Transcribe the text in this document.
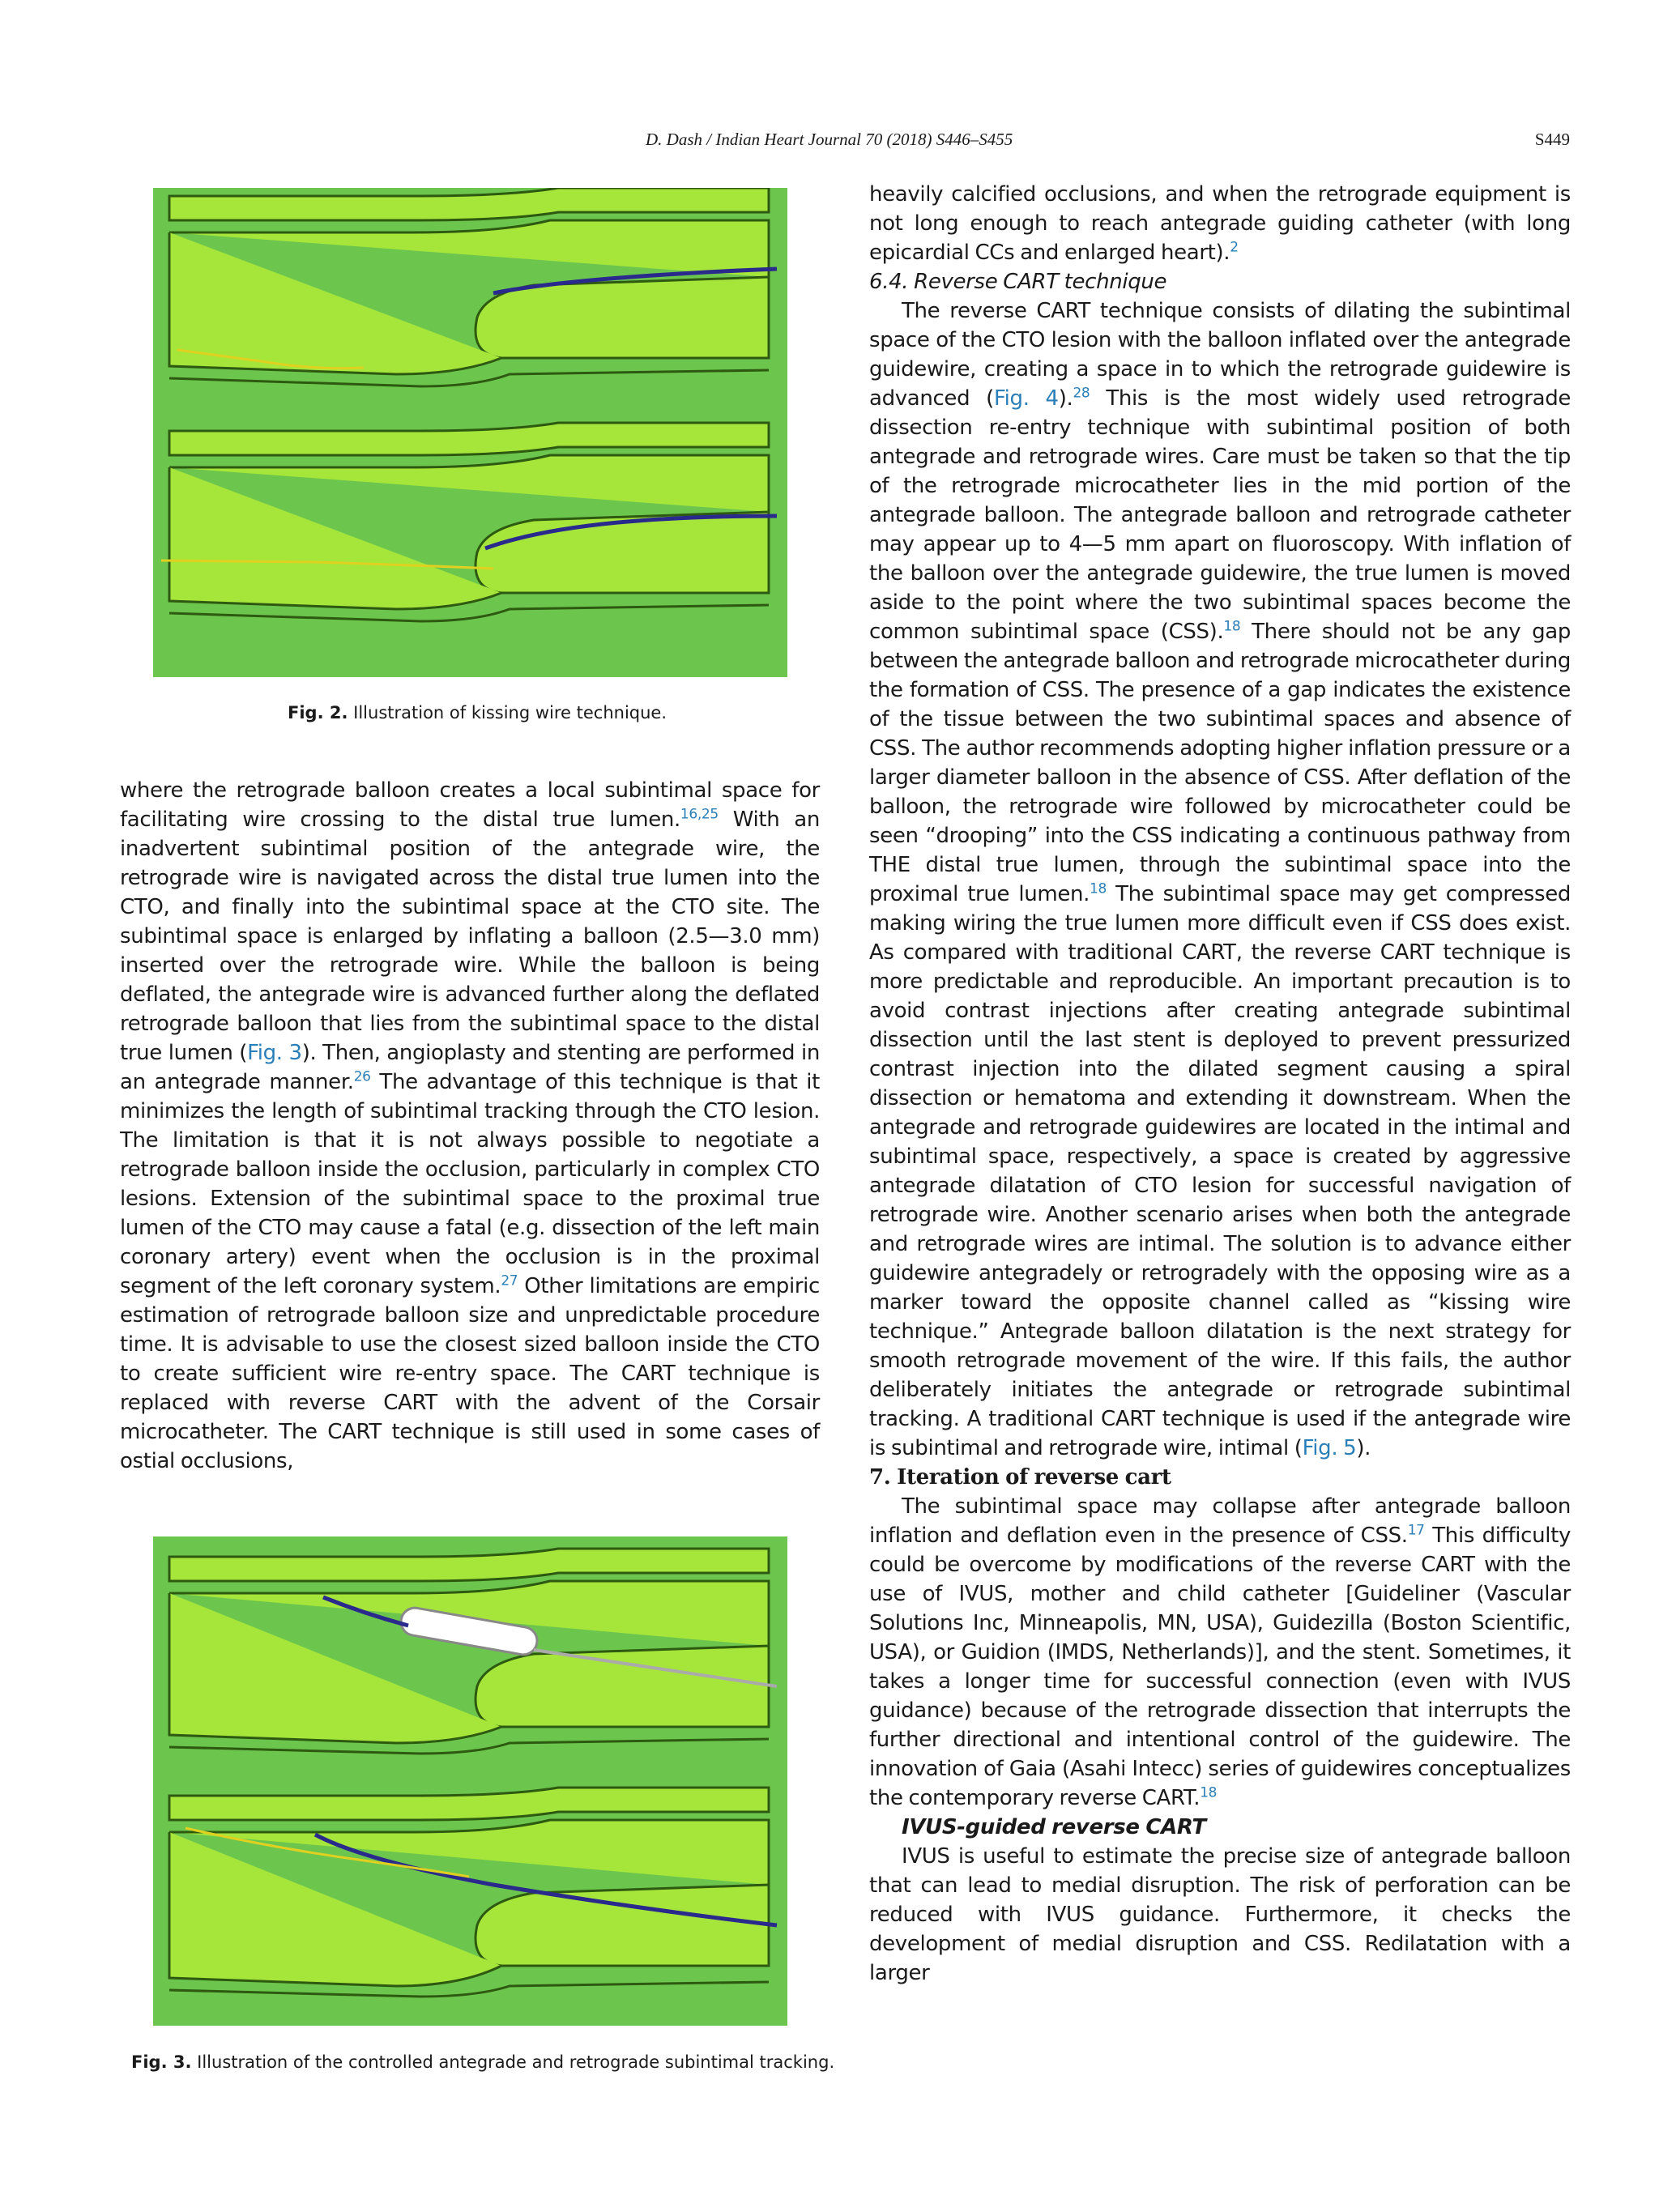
D. Dash / Indian Heart Journal 70 (2018) S446–S455	S449
Fig. 2. Illustration of kissing wire technique.
Fig. 3. Illustration of the controlled antegrade and retrograde subintimal tracking.

where the retrograde balloon creates a local subintimal space for facilitating wire crossing to the distal true lumen.$^{16,25}$ With an inadvertent subintimal position of the antegrade wire, the retrograde wire is navigated across the distal true lumen into the CTO, and finally into the subintimal space at the CTO site. The subintimal space is enlarged by inflating a balloon (2.5—3.0 mm) inserted over the retrograde wire. While the balloon is being deflated, the antegrade wire is advanced further along the deflated retrograde balloon that lies from the subintimal space to the distal true lumen (Fig. 3). Then, angioplasty and stenting are performed in an antegrade manner.$^{26}$ The advantage of this technique is that it minimizes the length of subintimal tracking through the CTO lesion. The limitation is that it is not always possible to negotiate a retrograde balloon inside the occlusion, particularly in complex CTO lesions. Extension of the subintimal space to the proximal true lumen of the CTO may cause a fatal (e.g. dissection of the left main coronary artery) event when the occlusion is in the proximal segment of the left coronary system.$^{27}$ Other limitations are empiric estimation of retrograde balloon size and unpredictable procedure time. It is advisable to use the closest sized balloon inside the CTO to create sufficient wire re-entry space. The CART technique is replaced with reverse CART with the advent of the Corsair microcatheter. The CART technique is still used in some cases of ostial occlusions,

heavily calcified occlusions, and when the retrograde equipment is not long enough to reach antegrade guiding catheter (with long epicardial CCs and enlarged heart).$^2$

6.4. Reverse CART technique

The reverse CART technique consists of dilating the subintimal space of the CTO lesion with the balloon inflated over the antegrade guidewire, creating a space in to which the retrograde guidewire is advanced (Fig. 4).$^{28}$ This is the most widely used retrograde dissection re-entry technique with subintimal position of both antegrade and retrograde wires. Care must be taken so that the tip of the retrograde microcatheter lies in the mid portion of the antegrade balloon. The antegrade balloon and retrograde catheter may appear up to 4—5 mm apart on fluoroscopy. With inflation of the balloon over the antegrade guidewire, the true lumen is moved aside to the point where the two subintimal spaces become the common subintimal space (CSS).$^{18}$ There should not be any gap between the antegrade balloon and retrograde microcatheter during the formation of CSS. The presence of a gap indicates the existence of the tissue between the two subintimal spaces and absence of CSS. The author recommends adopting higher inflation pressure or a larger diameter balloon in the absence of CSS. After deflation of the balloon, the retrograde wire followed by microcatheter could be seen “drooping” into the CSS indicating a continuous pathway from THE distal true lumen, through the subintimal space into the proximal true lumen.$^{18}$ The subintimal space may get compressed making wiring the true lumen more difficult even if CSS does exist. As compared with traditional CART, the reverse CART technique is more predictable and reproducible. An important precaution is to avoid contrast injections after creating antegrade subintimal dissection until the last stent is deployed to prevent pressurized contrast injection into the dilated segment causing a spiral dissection or hematoma and extending it downstream. When the antegrade and retrograde guidewires are located in the intimal and subintimal space, respectively, a space is created by aggressive antegrade dilatation of CTO lesion for successful navigation of retrograde wire. Another scenario arises when both the antegrade and retrograde wires are intimal. The solution is to advance either guidewire antegradely or retrogradely with the opposing wire as a marker toward the opposite channel called as “kissing wire technique.” Antegrade balloon dilatation is the next strategy for smooth retrograde movement of the wire. If this fails, the author deliberately initiates the antegrade or retrograde subintimal tracking. A traditional CART technique is used if the antegrade wire is subintimal and retrograde wire, intimal (Fig. 5).

7. Iteration of reverse cart

The subintimal space may collapse after antegrade balloon inflation and deflation even in the presence of CSS.$^{17}$ This difficulty could be overcome by modifications of the reverse CART with the use of IVUS, mother and child catheter [Guideliner (Vascular Solutions Inc, Minneapolis, MN, USA), Guidezilla (Boston Scientific, USA), or Guidion (IMDS, Netherlands)], and the stent. Sometimes, it takes a longer time for successful connection (even with IVUS guidance) because of the retrograde dissection that interrupts the further directional and intentional control of the guidewire. The innovation of Gaia (Asahi Intecc) series of guidewires conceptualizes the contemporary reverse CART.$^{18}$

IVUS-guided reverse CART

IVUS is useful to estimate the precise size of antegrade balloon that can lead to medial disruption. The risk of perforation can be reduced with IVUS guidance. Furthermore, it checks the development of medial disruption and CSS. Redilatation with a larger
